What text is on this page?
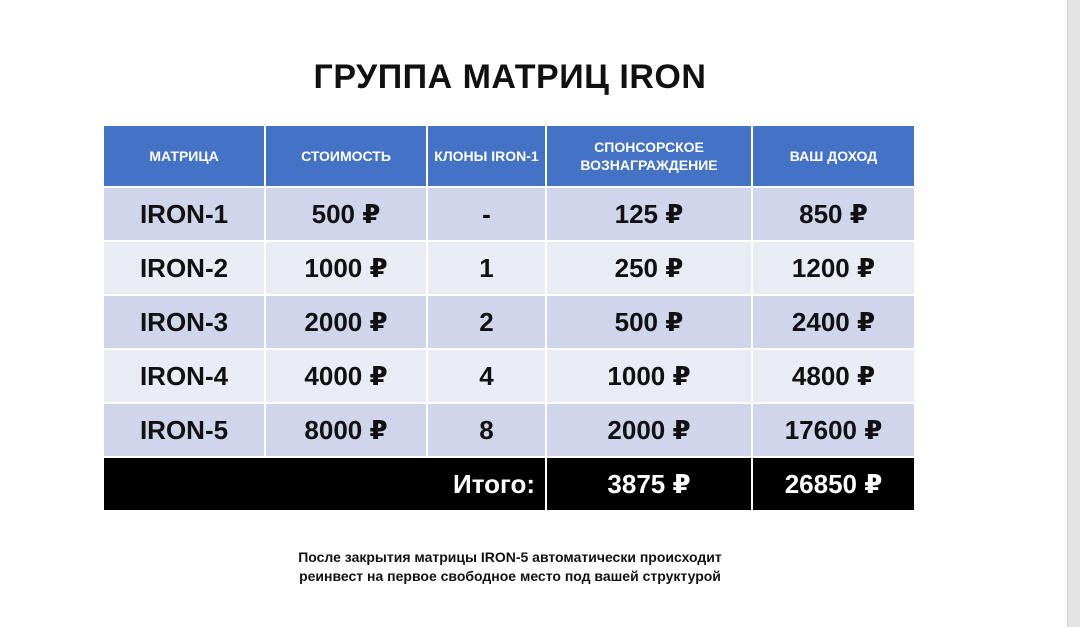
ГРУППА МАТРИЦ IRON
МАТРИЦА	СТОИМОСТЬ	КЛОНЫ IRON-1	СПОНСОРСКОЕ ВОЗНАГРАЖДЕНИЕ	ВАШ ДОХОД
IRON-1	500 ₽	-	125 ₽	850 ₽
IRON-2	1000 ₽	1	250 ₽	1200 ₽
IRON-3	2000 ₽	2	500 ₽	2400 ₽
IRON-4	4000 ₽	4	1000 ₽	4800 ₽
IRON-5	8000 ₽	8	2000 ₽	17600 ₽
Итого:			3875 ₽	26850 ₽
После закрытия матрицы IRON-5 автоматически происходит
реинвест на первое свободное место под вашей структурой
